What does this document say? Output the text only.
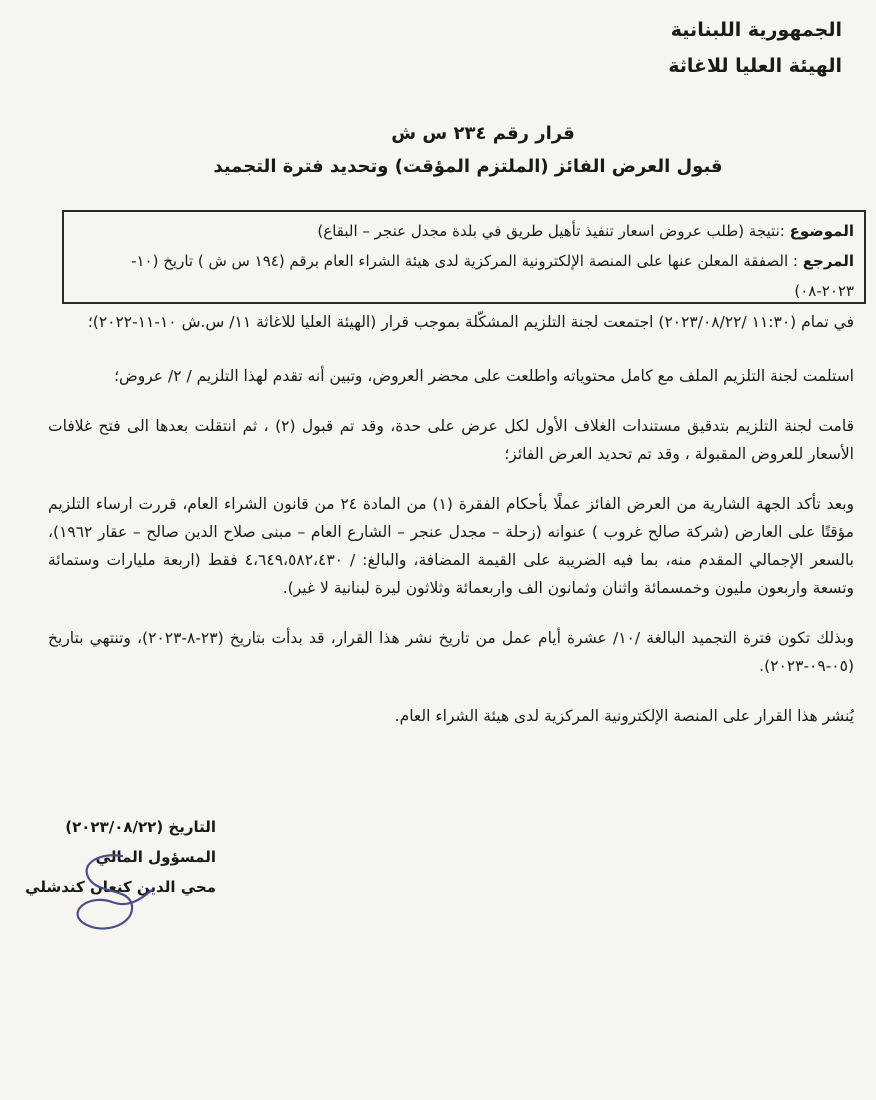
الجمهورية اللبنانية
الهيئة العليا للاغاثة
قرار رقم ٢٣٤ س ش
قبول العرض الفائز (الملتزم المؤقت) وتحديد فترة التجميد
الموضوع :نتيجة (طلب عروض اسعار تنفيذ تأهيل طريق في بلدة مجدل عنجر – البقاع)
المرجع : الصفقة المعلن عنها على المنصة الإلكترونية المركزية لدى هيئة الشراء العام برقم (١٩٤ س ش ) تاريخ (١٠-
٢٠٢٣-٠٨)

في تمام (١١:٣٠ /٢٠٢٣/٠٨/٢٢) اجتمعت لجنة التلزيم المشكّلة بموجب قرار (الهيئة العليا للاغاثة ١١/ س.ش ١٠-١١-٢٠٢٢)؛

استلمت لجنة التلزيم الملف مع كامل محتوياته واطلعت على محضر العروض، وتبين أنه تقدم لهذا التلزيم / ٢/ عروض؛

قامت لجنة التلزيم بتدقيق مستندات الغلاف الأول لكل عرض على حدة، وقد تم قبول (٢) ، ثم انتقلت بعدها الى فتح غلافات الأسعار للعروض المقبولة ، وقد تم تحديد العرض الفائز؛

وبعد تأكد الجهة الشارية من العرض الفائز عملًا بأحكام الفقرة (١) من المادة ٢٤ من قانون الشراء العام، قررت ارساء التلزيم مؤقتًا على العارض (شركة صالح غروب ) عنوانه (زحلة – مجدل عنجر – الشارع العام – مبنى صلاح الدين صالح – عقار ١٩٦٢)، بالسعر الإجمالي المقدم منه، بما فيه الضريبة على القيمة المضافة، والبالغ: / ٤،٦٤٩،٥٨٢،٤٣٠ فقط (اربعة مليارات وستمائة وتسعة واربعون مليون وخمسمائة واثنان وثمانون الف واربعمائة وثلاثون ليرة لبنانية لا غير).

وبذلك تكون فترة التجميد البالغة /١٠/ عشرة أيام عمل من تاريخ نشر هذا القرار، قد بدأت بتاريخ (٢٣-٨-٢٠٢٣)، وتنتهي بتاريخ (٠٥-٠٩-٢٠٢٣).

يُنشر هذا القرار على المنصة الإلكترونية المركزية لدى هيئة الشراء العام.

التاريخ (٢٠٢٣/٠٨/٢٢)
المسؤول المالي
محي الدين كنعان كندشلي
